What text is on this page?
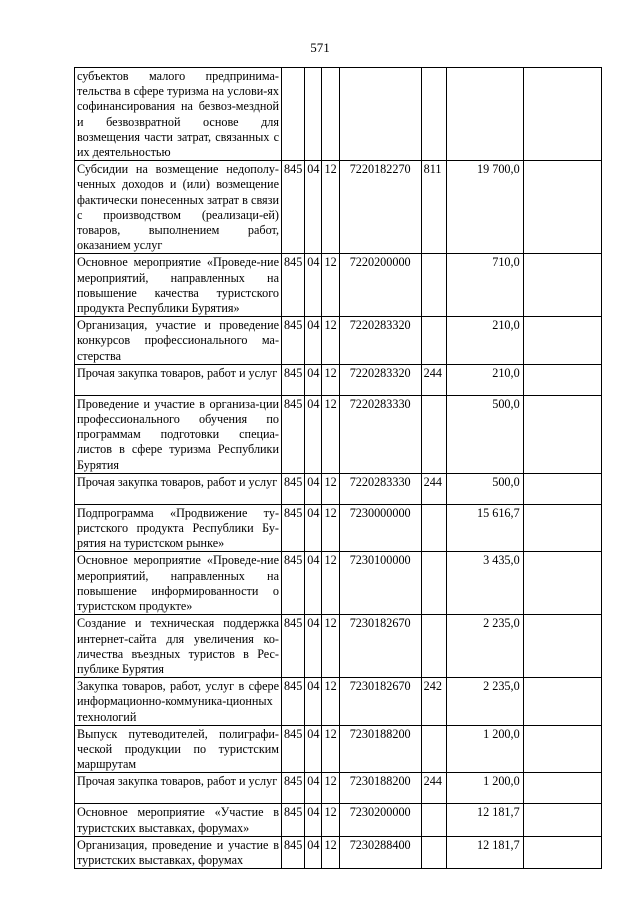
571
субъектов малого предпринима-тельства в сфере туризма на услови-ях софинансирования на безвоз-мездной и безвозвратной основе для возмещения части затрат, связанных с их деятельностью							
Субсидии на возмещение недополу-ченных доходов и (или) возмещение фактически понесенных затрат в связи с производством (реализаци-ей) товаров, выполнением работ, оказанием услуг	845	04	12	7220182270	811	19 700,0	
Основное мероприятие «Проведе-ние мероприятий, направленных на повышение качества туристского продукта Республики Бурятия»	845	04	12	7220200000		710,0	
Организация, участие и проведение конкурсов профессионального ма-стерства	845	04	12	7220283320		210,0	
Прочая закупка товаров, работ и услуг	845	04	12	7220283320	244	210,0	
Проведение и участие в организа-ции профессионального обучения по программам подготовки специа-листов в сфере туризма Республики Бурятия	845	04	12	7220283330		500,0	
Прочая закупка товаров, работ и услуг	845	04	12	7220283330	244	500,0	
Подпрограмма «Продвижение ту-ристского продукта Республики Бу-рятия на туристском рынке»	845	04	12	7230000000		15 616,7	
Основное мероприятие «Проведе-ние мероприятий, направленных на повышение информированности о туристском продукте»	845	04	12	7230100000		3 435,0	
Создание и техническая поддержка интернет-сайта для увеличения ко-личества въездных туристов в Рес-публике Бурятия	845	04	12	7230182670		2 235,0	
Закупка товаров, работ, услуг в сфере информационно-коммуника-ционных технологий	845	04	12	7230182670	242	2 235,0	
Выпуск путеводителей, полиграфи-ческой продукции по туристским маршрутам	845	04	12	7230188200		1 200,0	
Прочая закупка товаров, работ и услуг	845	04	12	7230188200	244	1 200,0	
Основное мероприятие «Участие в туристских выставках, форумах»	845	04	12	7230200000		12 181,7	
Организация, проведение и участие в туристских выставках, форумах	845	04	12	7230288400		12 181,7	
